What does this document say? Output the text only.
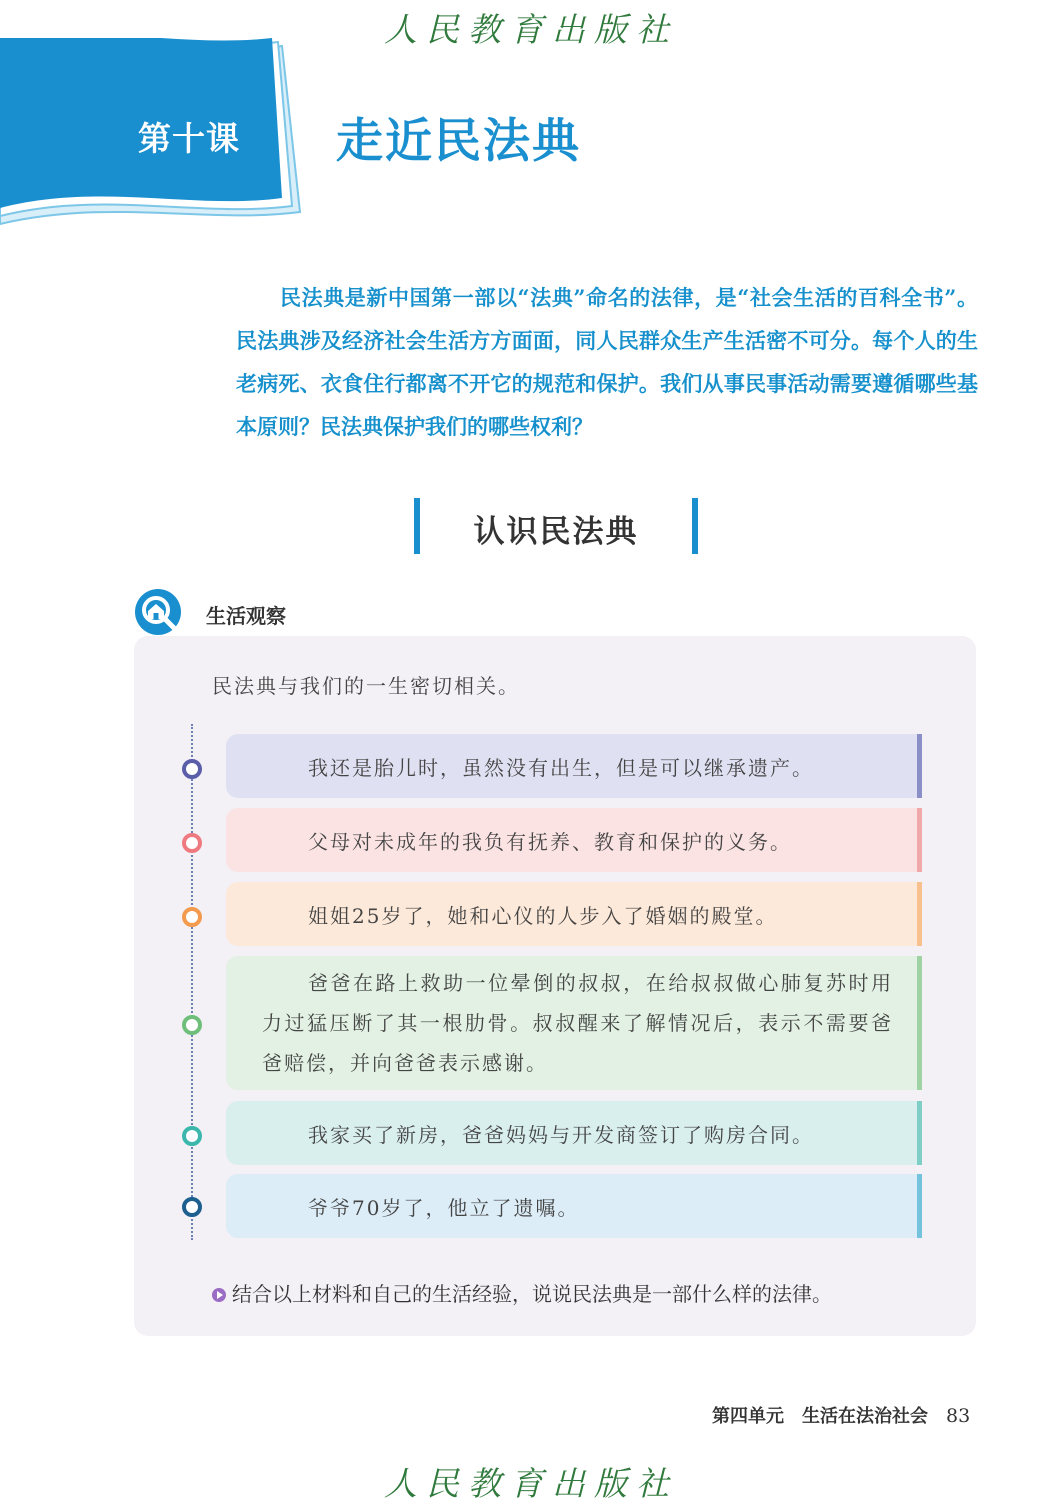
人民教育出版社
第十课 走近民法典

民法典是新中国第一部以“法典”命名的法律，是“社会生活的百科全书”。民法典涉及经济社会生活方方面面，同人民群众生产生活密不可分。每个人的生老病死、衣食住行都离不开它的规范和保护。我们从事民事活动需要遵循哪些基本原则？民法典保护我们的哪些权利？

认识民法典
生活观察
民法典与我们的一生密切相关。
我还是胎儿时，虽然没有出生，但是可以继承遗产。
父母对未成年的我负有抚养、教育和保护的义务。
姐姐25岁了，她和心仪的人步入了婚姻的殿堂。
爸爸在路上救助一位晕倒的叔叔，在给叔叔做心肺复苏时用力过猛压断了其一根肋骨。叔叔醒来了解情况后，表示不需要爸爸赔偿，并向爸爸表示感谢。
我家买了新房，爸爸妈妈与开发商签订了购房合同。
爷爷70岁了，他立了遗嘱。
结合以上材料和自己的生活经验，说说民法典是一部什么样的法律。
第四单元　生活在法治社会 83
人民教育出版社
